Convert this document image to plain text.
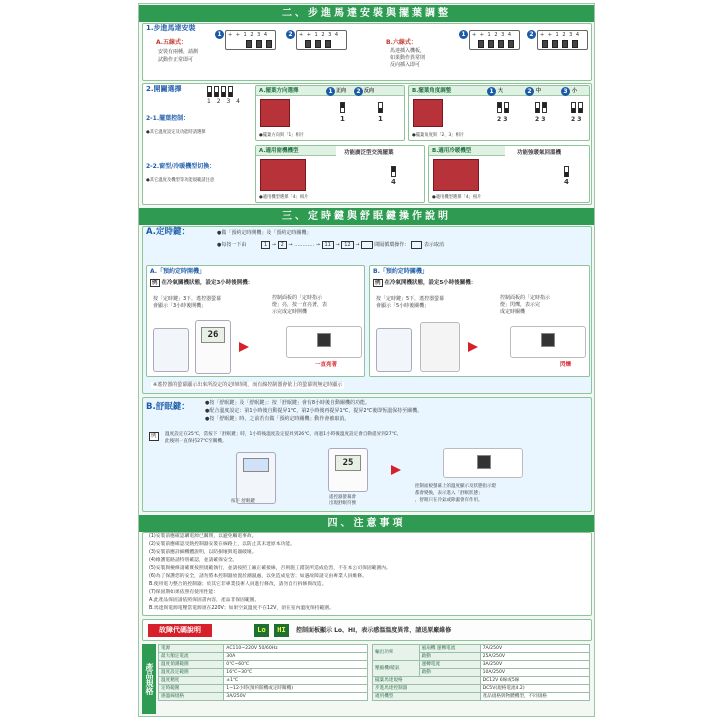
二、步進馬達安裝與擺葉調整
1.步進馬達安裝
A.五線式：
安裝有兩種，請測
試動作正常即可
1	+ + 1 2 3 4	2	+ + 1 2 3 4
B.六線式：
馬達插入機板，
如果動作異常則
反向插入即可
1	+ + 1 2 3 4	2	+ + 1 2 3 4
2.開關選擇
1 2 3 4
2-1.擺葉控制：
●其它溫度設定及功能時請選擇
A.擺葉方向選擇	1 正向	2 反向
1	1
●擺葉方向與「1」相片
B.擺葉角度調整	1 大	2 中	3 小
2 3	2 3	2 3
●擺葉角度與「2、3」相片
2-2.窗型/冷暖機型切換：
●其它溫度及機型等功能規範請注意
A.適用窗機機型	功能廣泛型交流擺葉
4
●適用機型選擇「4」相片
B.適用冷暖機型	功能強暖氣回溫機
4
●適用機型選擇「4」相片
三、定時鍵與舒眠鍵操作說明
A.定時鍵：	●做「預約定時開機」及「預約定時關機」
●每按一下由	1 → 2 → ………… → 11 → 12 →	間隔循環操作：	表示取消
A.「預約定時開機」
例 在冷氣關機狀態，設定3小時後開機：
按「定時鍵」3下，遙控器螢幕
會顯示「3小時後開機」
控制面板的「定時指示
燈」亮，按一直亮著，表
示完成定時開機
26
一直亮著
B.「預約定時關機」
例 在冷氣開機狀態，設定5小時後關機：
按「定時鍵」5下，遙控器螢幕
會顯示「5小時後關機」
控制面板的「定時指示
燈」閃爍，表示完
成定時關機
閃爍
※遙控器的螢幕顯示出來所設定的定時時間，而有線控制器會依上的螢幕則無定時顯示
B.舒眠鍵：	●按「舒眠鍵」及「舒眠鍵」：按「舒眠鍵」會有8小時後自動關機的功能。
●配合溫度設定：第1小時後自動提昇1℃，第2小時後再提昇1℃，提昇2℃後即恆溫保持至關機。
●按「舒眠鍵」時，之前若有做「預約定時關機」動作會被取消。
例	溫度設定在25℃，當按下「舒眠鍵」時，1小時後溫度設定提昇到26℃，再過1小時後溫度設定會自動提昇到27℃，
此後則一直保持27℃至關機。
按下 舒眠鍵
25
遙控器螢幕會
出現舒眠符號
控制面板螢幕上的溫度顯示及狀態指示燈
都會變換，表示進入「舒眠狀態」
，舒眠只在冷氣或除濕會有作用。
四、注意事項
(1)安裝前應確認購電源已關閉，以避免觸電事故。
(2)安裝前應確認受熱控制器安裝在線路上，以防止其未達原本功能。
(3)安裝前應詳細機體說明，以防損壞與電器破壞。
(4)維護電路請特別確認，並請確保安全。
(5)安裝與檢修請確實按照規範執行，並請按照工廠正確接線，否則施工錯誤所造成危害，不在本公司保固範圍內。
(6)為了保護您的安全，請勿將本控制器放置於潮濕處，以免造成危害；如遇故障請交由專業人員維修。
B.使用電力整合的控制器；於其它非專業技術人員進行修改，請勿自行拆修與改造。
(7)保固期如果依照有使用性能：
A.此產品保固請依照保固書內容，產品非保固範圍。
B.馬達與電源電壓當電源須在220V；如果空氣溫度不在12V，須在室內溫度保持範圍。
故障代碼說明	Lo	HI	控制面板顯示 Lo、HI，表示感溫溫度異常，請送原廠維修
產品規格
電源	AC110~220V 50/60Hz
最大額定電流	30A
溫度偵測範圍	0℃~60℃
溫度設定範圍	16℃~30℃
溫度精度	±1℃
定時範圍	1~12小時(預約開機或定時關機)
感溫線規格	3A/250V
輸出功率	風扇機 運轉電流	7A/250V
	啟動	25A/250V
壓縮機/暖氣	運轉電流	3A/250V
	啟動	10A/250V
擺葉馬達規格		DC12V 6線或5線
步進馬達控制器		DC5V(規格電流4.2)
適用機型		產品規格與物體機型，不同規格
